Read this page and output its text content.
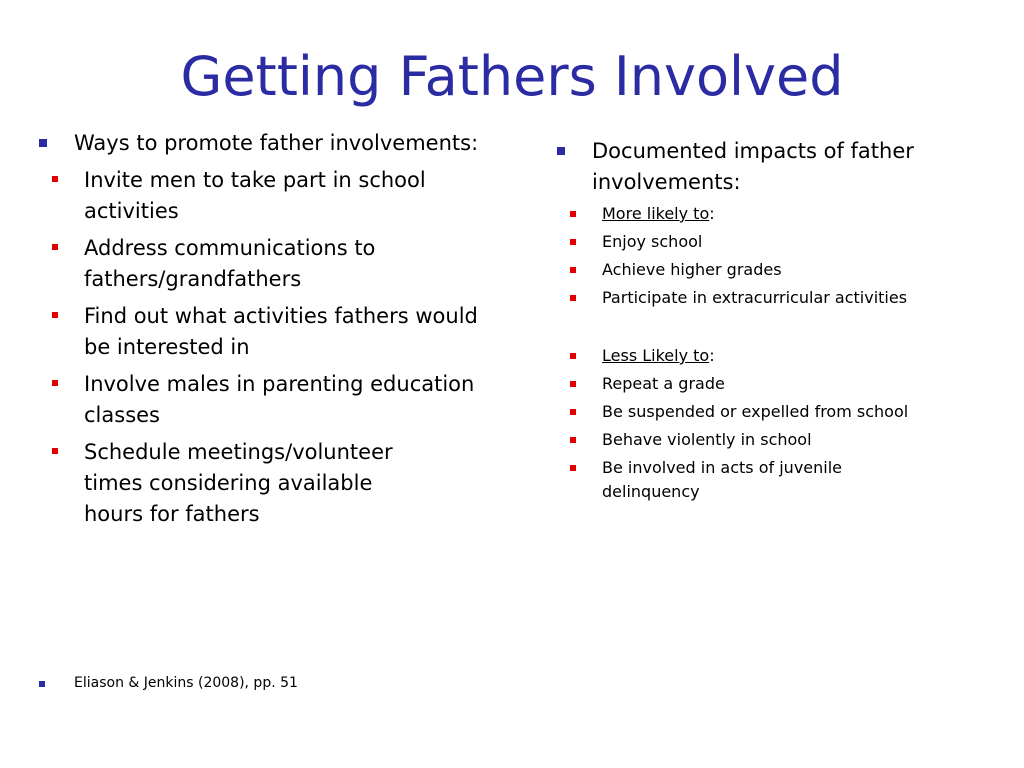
Getting Fathers Involved
Ways to promote father involvements:
Invite men to take part in school activities
Address communications to fathers/grandfathers
Find out what activities fathers would be interested in
Involve males in parenting education classes
Schedule meetings/volunteer times considering available hours for fathers
Documented impacts of father involvements:
More likely to:
Enjoy school
Achieve higher grades
Participate in extracurricular activities
Less Likely to:
Repeat a grade
Be suspended or expelled from school
Behave violently in school
Be involved in acts of juvenile delinquency
Eliason & Jenkins (2008), pp. 51
